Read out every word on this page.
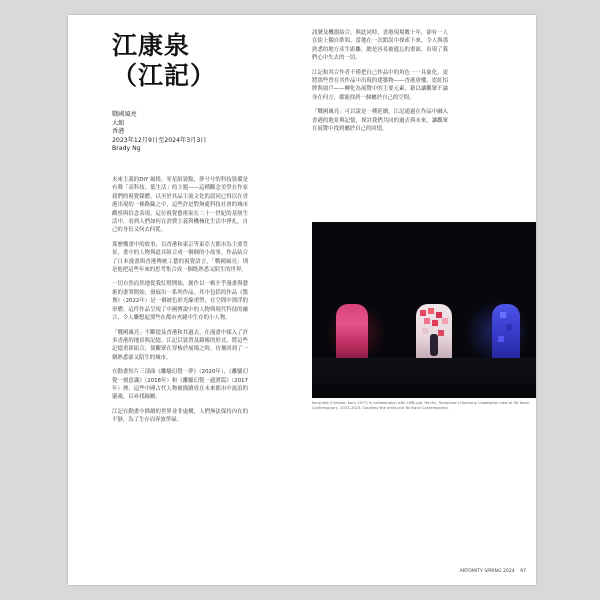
江康泉
（江記）
戰國風亮
大館
香港
2023年12月9日至2024年3月3日
Brady Ng

未來主義的DIY 風格，零星組裝點，夢兮兮的科技裝備是有聲「高科技．低生活」的主題——這種觀念美學在作家我們的視覺媒體，以至於其品主流文化的認同已得以在香港出現的一條路線之中，這些許是對無處科技社會的城市觀察與信念表現，這位視覺藝術家在二十一世紀的基層生活中，看到人們如何在消費主義與機械化生活中掙扎，自己的身份又何去何從。

那麼構畫中的故事，以香港和東京等東亞大都市為主要背景，畫中的人物與道具組合成一個個的小故事。作品結合了日本漫畫與香港傳統工藝的視覺語言，「戰國風亮」則是他把這些年來的思考集合成一個既熟悉又陌生的世界。

一切自然而然地從我紅燈開始，創作以一顆介乎漫畫與藝術的畫筆開始，發展出一系列作品。其中包括的作品《驚鴦》（2022年）是一個被色彩光線重塑，在空間中漂浮的形體。這件作品呈現了中國傳說中的人物與現代科技的融合，令人聯想起那些在都市夾縫中生存的小人物。

「戰國風亮」不斷提及香港和其過去，在漫畫中揉入了許多香港的地景與記憶。江記以裝置及錄像的形式，將這些記憶重新組合，使觀眾在穿梭於展場之時，彷彿回到了一個熟悉卻又陌生的城市。

在動畫短片三部曲《離騷幻覺一夢》（2020年）、《離騷幻覺一刻意識》（2018年）和《離騷幻覺一過渡篇》（2017年）裡，這些中國古代人物被描繪成在未來都市中流浪的靈魂，以尋找歸屬。

江記在動畫中描繪的世界並非虛構，人們無法保持內在的平靜，為了生存而奔波勞碌。

訊號及機器結合，與此同時，香港現場數十年，卻有一人在街上獨自歌唱，當地在一次錯誤中探索下來，令人與那熟悉的地方產生距離，總是容易被遺忘的畫面，出現了我們心中失去的一切。

江記和其合作者不僅把自己作品中的角色一一具象化，更將那些曾在其作品中出現的建築物——香港唐樓、霓虹招牌與窗戶——轉化為展覽中的主要元素，藉以讓觀眾不論身在何方，都能找到一個屬於自己的空間。

「戰國風亮」可以說是一種延續，江記通過在作品中融入香港的地景與記憶，探討我們共同的過去與未來，讓觀眾在展覽中找到屬於自己的回憶。

Kong Kee (Chinese, born 1977) in collaboration with LMN Lab, Ha Hin, Tomorrow’s Harmony. Installation view at Tai Kwun Contemporary, 2023–2024. Courtesy the artist and Tai Kwun Contemporary.
ARTOMITY SPRING 2024 97
